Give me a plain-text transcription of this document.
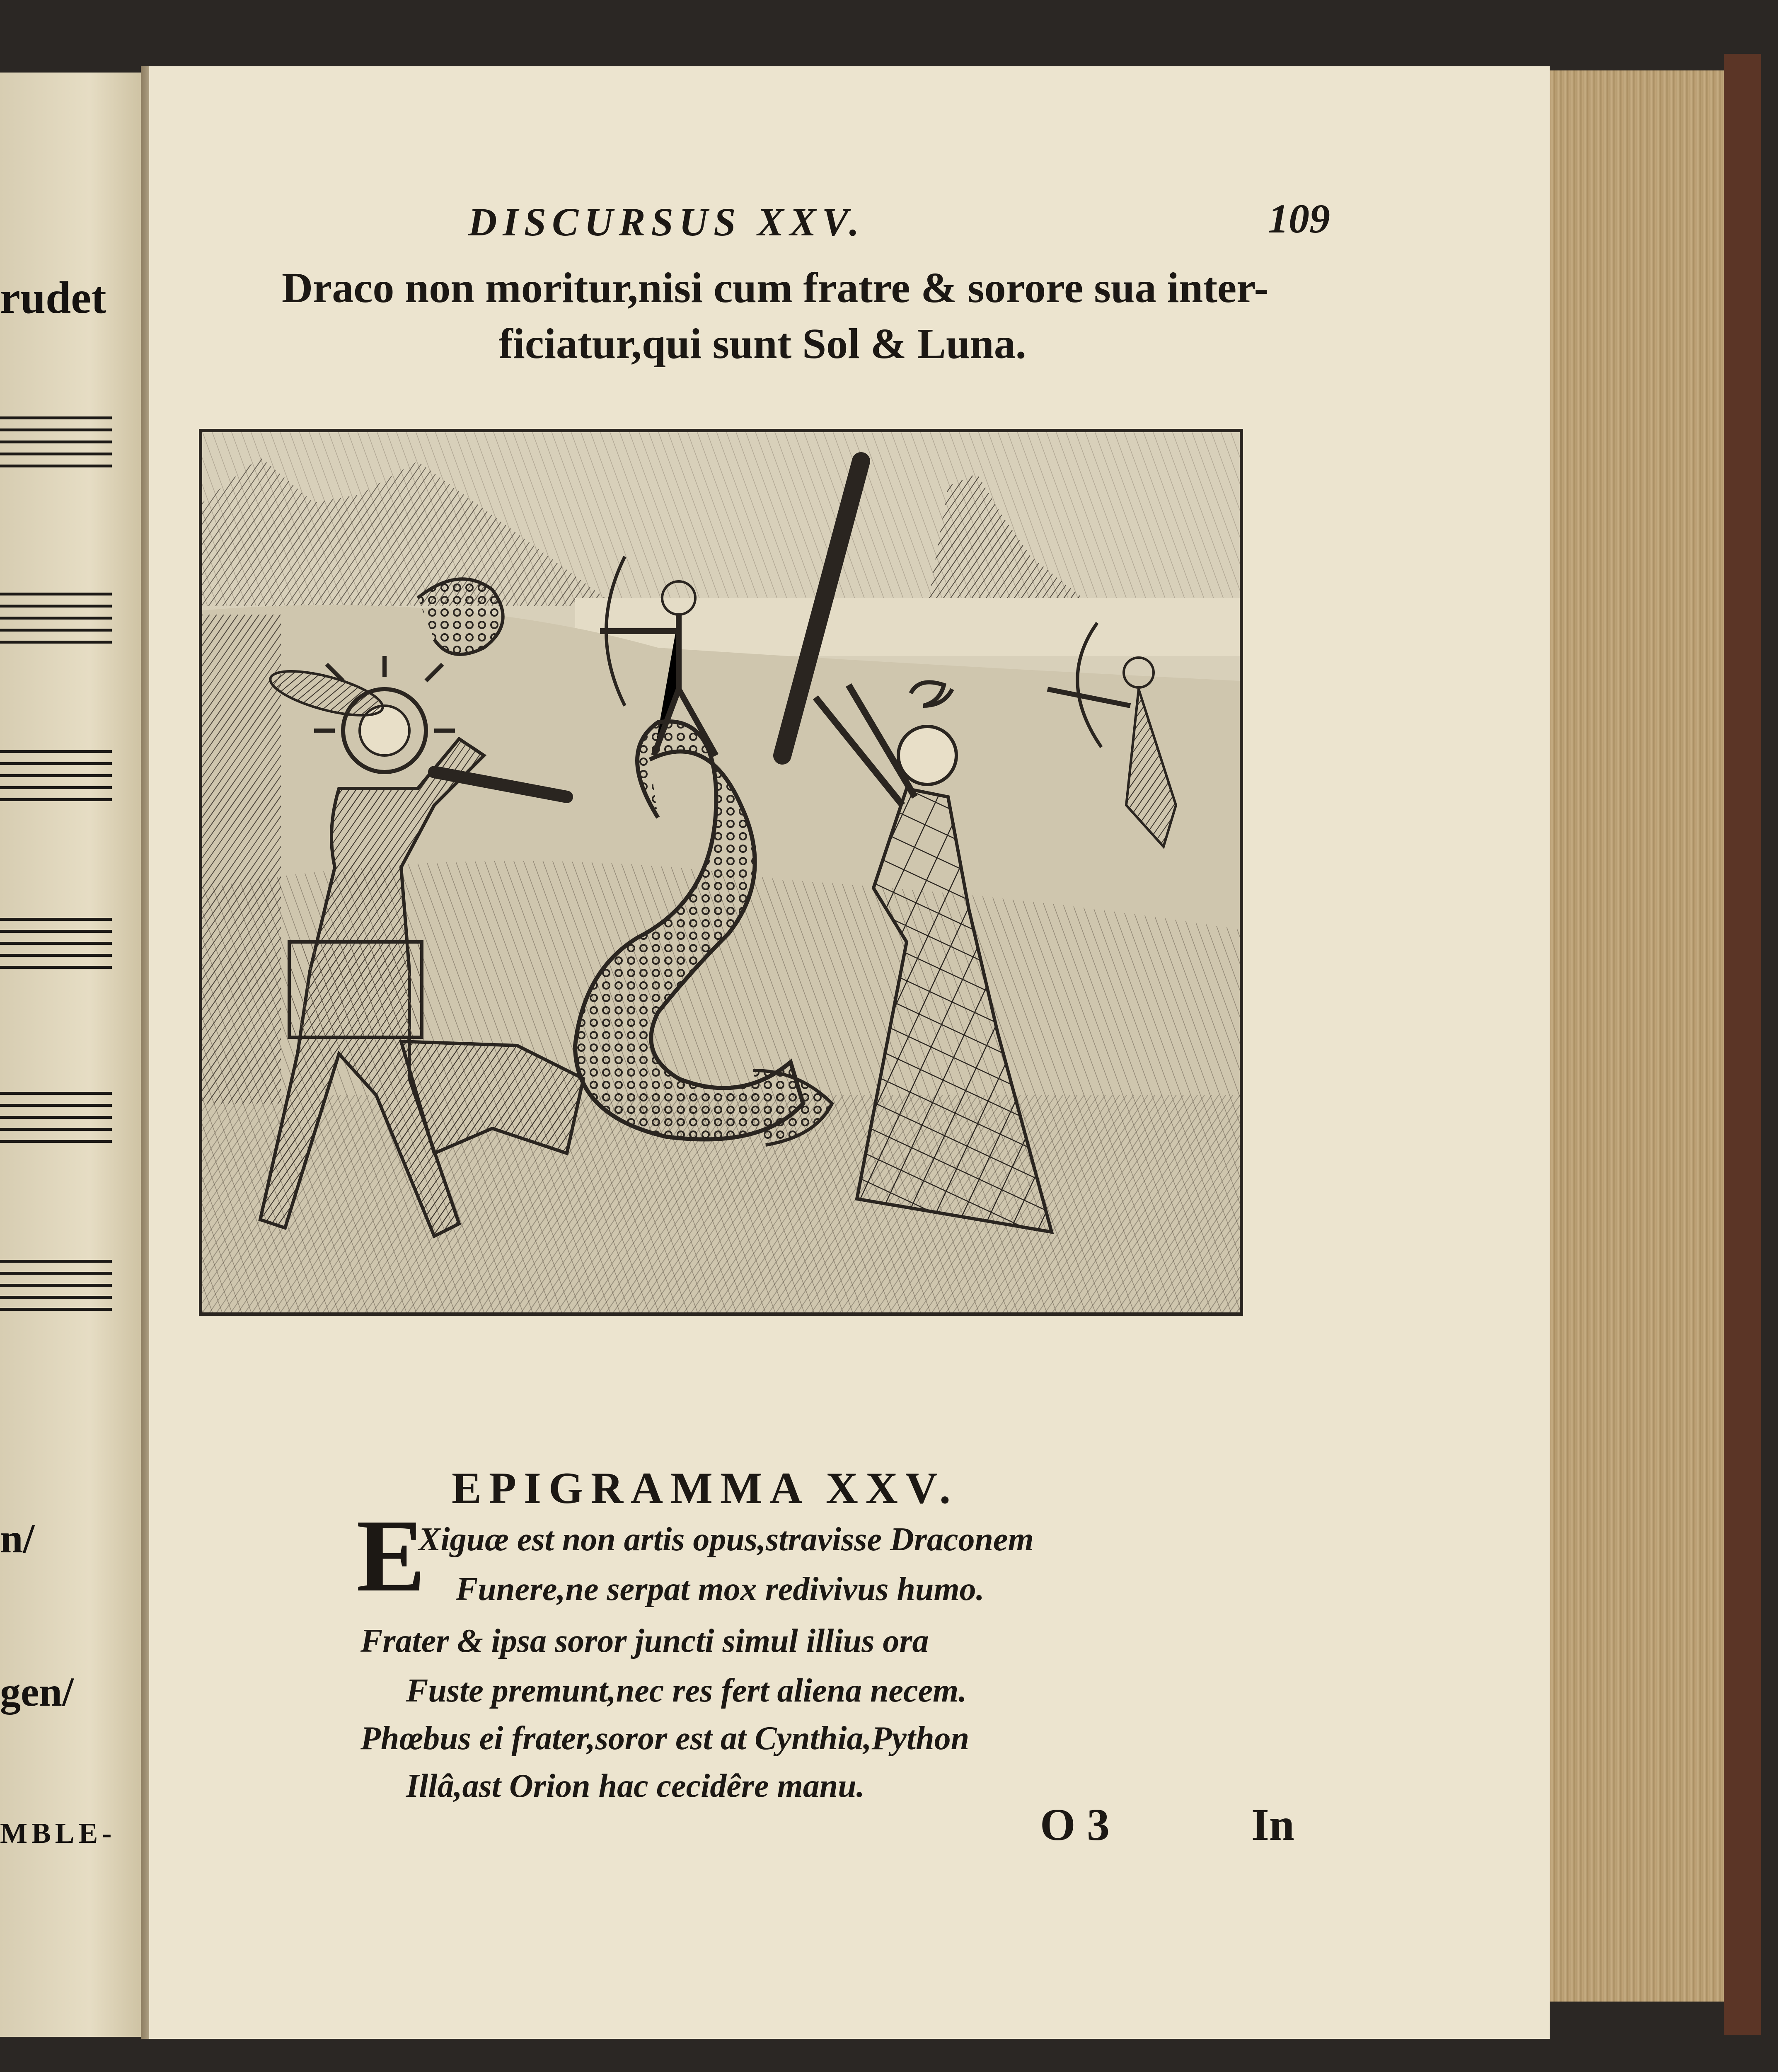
rudet
n/
gen/
MBLE-
DISCURSUS XXV.	109
Draco non moritur,nisi cum fratre & sorore sua inter-
ficiatur,qui sunt Sol & Luna.
EPIGRAMMA XXV.
E
Xiguæ est non artis opus,stravisse Draconem
Funere,ne serpat mox redivivus humo.
Frater & ipsa soror juncti simul illius ora
Fuste premunt,nec res fert aliena necem.
Phœbus ei frater,soror est at Cynthia,Python
Illâ,ast Orion hac cecidêre manu.
O 3	In
